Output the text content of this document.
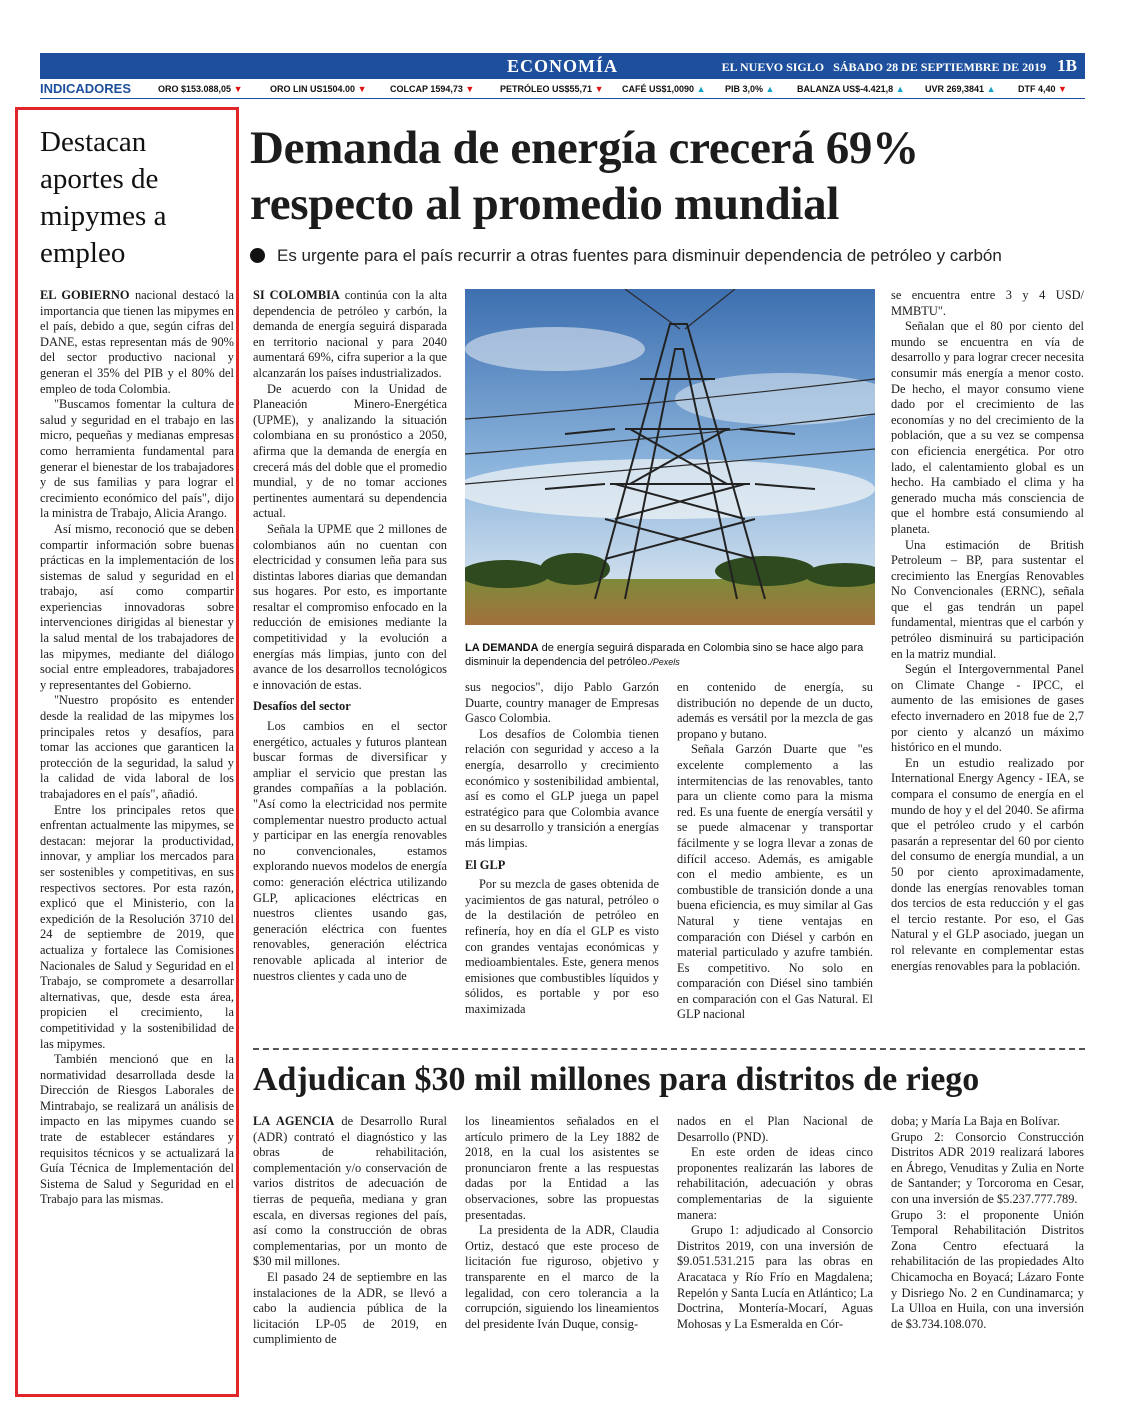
ECONOMÍA	EL NUEVO SIGLO SÁBADO 28 DE SEPTIEMBRE DE 2019 1B
INDICADORES	ORO $153.088,05 ▼	ORO LIN US1504.00 ▼	COLCAP 1594,73 ▼	PETRÓLEO US$55,71 ▼ CAFÉ US$1,0090 ▲ PIB 3,0% ▲	BALANZA US$-4.421,8 ▲ UVR 269,3841 ▲	DTF 4,40 ▼
Destacan aportes de mipymes a empleo

EL GOBIERNO nacional destacó la importancia que tienen las mipymes en el país, debido a que, según cifras del DANE, estas representan más de 90% del sector productivo nacional y generan el 35% del PIB y el 80% del empleo de toda Colombia.

"Buscamos fomentar la cultura de salud y seguridad en el trabajo en las micro, pequeñas y medianas empresas como herramienta fundamental para generar el bienestar de los trabajadores y de sus familias y para lograr el crecimiento económico del país", dijo la ministra de Trabajo, Alicia Arango.

Así mismo, reconoció que se deben compartir información sobre buenas prácticas en la implementación de los sistemas de salud y seguridad en el trabajo, así como compartir experiencias innovadoras sobre intervenciones dirigidas al bienestar y la salud mental de los trabajadores de las mipymes, mediante del diálogo social entre empleadores, trabajadores y representantes del Gobierno.

"Nuestro propósito es entender desde la realidad de las mipymes los principales retos y desafíos, para tomar las acciones que garanticen la protección de la seguridad, la salud y la calidad de vida laboral de los trabajadores en el país", añadió.

Entre los principales retos que enfrentan actualmente las mipymes, se destacan: mejorar la productividad, innovar, y ampliar los mercados para ser sostenibles y competitivas, en sus respectivos sectores. Por esta razón, explicó que el Ministerio, con la expedición de la Resolución 3710 del 24 de septiembre de 2019, que actualiza y fortalece las Comisiones Nacionales de Salud y Seguridad en el Trabajo, se compromete a desarrollar alternativas, que, desde esta área, propicien el crecimiento, la competitividad y la sostenibilidad de las mipymes.

También mencionó que en la normatividad desarrollada desde la Dirección de Riesgos Laborales de Mintrabajo, se realizará un análisis de impacto en las mipymes cuando se trate de establecer estándares y requisitos técnicos y se actualizará la Guía Técnica de Implementación del Sistema de Salud y Seguridad en el Trabajo para las mismas.

Demanda de energía crecerá 69% respecto al promedio mundial
Es urgente para el país recurrir a otras fuentes para disminuir dependencia de petróleo y carbón

SI COLOMBIA continúa con la alta dependencia de petróleo y carbón, la demanda de energía seguirá disparada en territorio nacional y para 2040 aumentará 69%, cifra superior a la que alcanzarán los países industrializados.

De acuerdo con la Unidad de Planeación Minero-Energética (UPME), y analizando la situación colombiana en su pronóstico a 2050, afirma que la demanda de energía en crecerá más del doble que el promedio mundial, y de no tomar acciones pertinentes aumentará su dependencia actual.

Señala la UPME que 2 millones de colombianos aún no cuentan con electricidad y consumen leña para sus distintas labores diarias que demandan sus hogares. Por esto, es importante resaltar el compromiso enfocado en la reducción de emisiones mediante la competitividad y la evolución a energías más limpias, junto con del avance de los desarrollos tecnológicos e innovación de estas.

Desafíos del sector

Los cambios en el sector energético, actuales y futuros plantean buscar formas de diversificar y ampliar el servicio que prestan las grandes compañías a la población. "Así como la electricidad nos permite complementar nuestro producto actual y participar en las energía renovables no convencionales, estamos explorando nuevos modelos de energía como: generación eléctrica utilizando GLP, aplicaciones eléctricas en nuestros clientes usando gas, generación eléctrica con fuentes renovables, generación eléctrica renovable aplicada al interior de nuestros clientes y cada uno de

LA DEMANDA de energía seguirá disparada en Colombia sino se hace algo para disminuir la dependencia del petróleo./Pexels

sus negocios", dijo Pablo Garzón Duarte, country manager de Empresas Gasco Colombia.

Los desafíos de Colombia tienen relación con seguridad y acceso a la energía, desarrollo y crecimiento económico y sostenibilidad ambiental, así es como el GLP juega un papel estratégico para que Colombia avance en su desarrollo y transición a energías más limpias.

El GLP

Por su mezcla de gases obtenida de yacimientos de gas natural, petróleo o de la destilación de petróleo en refinería, hoy en día el GLP es visto con grandes ventajas económicas y medioambientales. Este, genera menos emisiones que combustibles líquidos y sólidos, es portable y por eso maximizada

en contenido de energía, su distribución no depende de un ducto, además es versátil por la mezcla de gas propano y butano.

Señala Garzón Duarte que "es excelente complemento a las intermitencias de las renovables, tanto para un cliente como para la misma red. Es una fuente de energía versátil y se puede almacenar y transportar fácilmente y se logra llevar a zonas de difícil acceso. Además, es amigable con el medio ambiente, es un combustible de transición donde a una buena eficiencia, es muy similar al Gas Natural y tiene ventajas en comparación con Diésel y carbón en material particulado y azufre también. Es competitivo. No solo en comparación con Diésel sino también en comparación con el Gas Natural. El GLP nacional

se encuentra entre 3 y 4 USD/ MMBTU".

Señalan que el 80 por ciento del mundo se encuentra en vía de desarrollo y para lograr crecer necesita consumir más energía a menor costo. De hecho, el mayor consumo viene dado por el crecimiento de las economías y no del crecimiento de la población, que a su vez se compensa con eficiencia energética. Por otro lado, el calentamiento global es un hecho. Ha cambiado el clima y ha generado mucha más consciencia de que el hombre está consumiendo al planeta.

Una estimación de British Petroleum – BP, para sustentar el crecimiento las Energías Renovables No Convencionales (ERNC), señala que el gas tendrán un papel fundamental, mientras que el carbón y petróleo disminuirá su participación en la matriz mundial.

Según el Intergovernmental Panel on Climate Change - IPCC, el aumento de las emisiones de gases efecto invernadero en 2018 fue de 2,7 por ciento y alcanzó un máximo histórico en el mundo.

En un estudio realizado por International Energy Agency - IEA, se compara el consumo de energía en el mundo de hoy y el del 2040. Se afirma que el petróleo crudo y el carbón pasarán a representar del 60 por ciento del consumo de energía mundial, a un 50 por ciento aproximadamente, donde las energías renovables toman dos tercios de esta reducción y el gas el tercio restante. Por eso, el Gas Natural y el GLP asociado, juegan un rol relevante en complementar estas energías renovables para la población.

Adjudican $30 mil millones para distritos de riego

LA AGENCIA de Desarrollo Rural (ADR) contrató el diagnóstico y las obras de rehabilitación, complementación y/o conservación de varios distritos de adecuación de tierras de pequeña, mediana y gran escala, en diversas regiones del país, así como la construcción de obras complementarias, por un monto de $30 mil millones.

El pasado 24 de septiembre en las instalaciones de la ADR, se llevó a cabo la audiencia pública de la licitación LP-05 de 2019, en cumplimiento de

los lineamientos señalados en el artículo primero de la Ley 1882 de 2018, en la cual los asistentes se pronunciaron frente a las respuestas dadas por la Entidad a las observaciones, sobre las propuestas presentadas.

La presidenta de la ADR, Claudia Ortiz, destacó que este proceso de licitación fue riguroso, objetivo y transparente en el marco de la legalidad, con cero tolerancia a la corrupción, siguiendo los lineamientos del presidente Iván Duque, consig-

nados en el Plan Nacional de Desarrollo (PND).

En este orden de ideas cinco proponentes realizarán las labores de rehabilitación, adecuación y obras complementarias de la siguiente manera:

Grupo 1: adjudicado al Consorcio Distritos 2019, con una inversión de $9.051.531.215 para las obras en Aracataca y Río Frío en Magdalena; Repelón y Santa Lucía en Atlántico; La Doctrina, Montería-Mocarí, Aguas Mohosas y La Esmeralda en Cór-

doba; y María La Baja en Bolívar.

Grupo 2: Consorcio Construcción Distritos ADR 2019 realizará labores en Ábrego, Venuditas y Zulia en Norte de Santander; y Torcoroma en Cesar, con una inversión de $5.237.777.789.

Grupo 3: el proponente Unión Temporal Rehabilitación Distritos Zona Centro efectuará la rehabilitación de las propiedades Alto Chicamocha en Boyacá; Lázaro Fonte y Disriego No. 2 en Cundinamarca; y La Ulloa en Huila, con una inversión de $3.734.108.070.
